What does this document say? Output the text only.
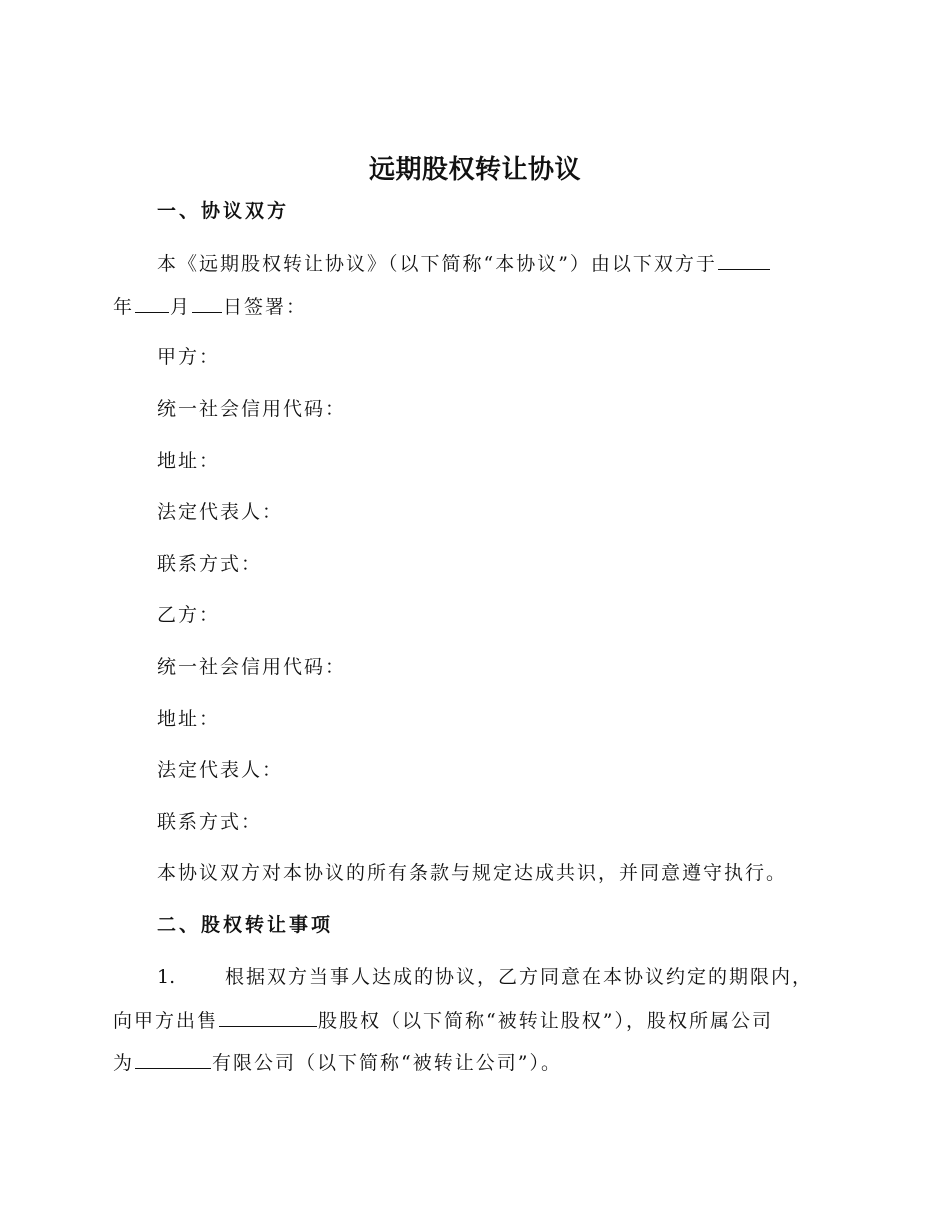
远期股权转让协议
一、协议双方
本《远期股权转让协议》（以下简称“本协议”）由以下双方于
年 月 日签署：
甲方：
统一社会信用代码：
地址：
法定代表人：
联系方式：
乙方：
统一社会信用代码：
地址：
法定代表人：
联系方式：
本协议双方对本协议的所有条款与规定达成共识，并同意遵守执行。
二、股权转让事项
1.	根据双方当事人达成的协议，乙方同意在本协议约定的期限内，
向甲方出售	股股权（以下简称“被转让股权”），股权所属公司
为	有限公司（以下简称“被转让公司”）。
